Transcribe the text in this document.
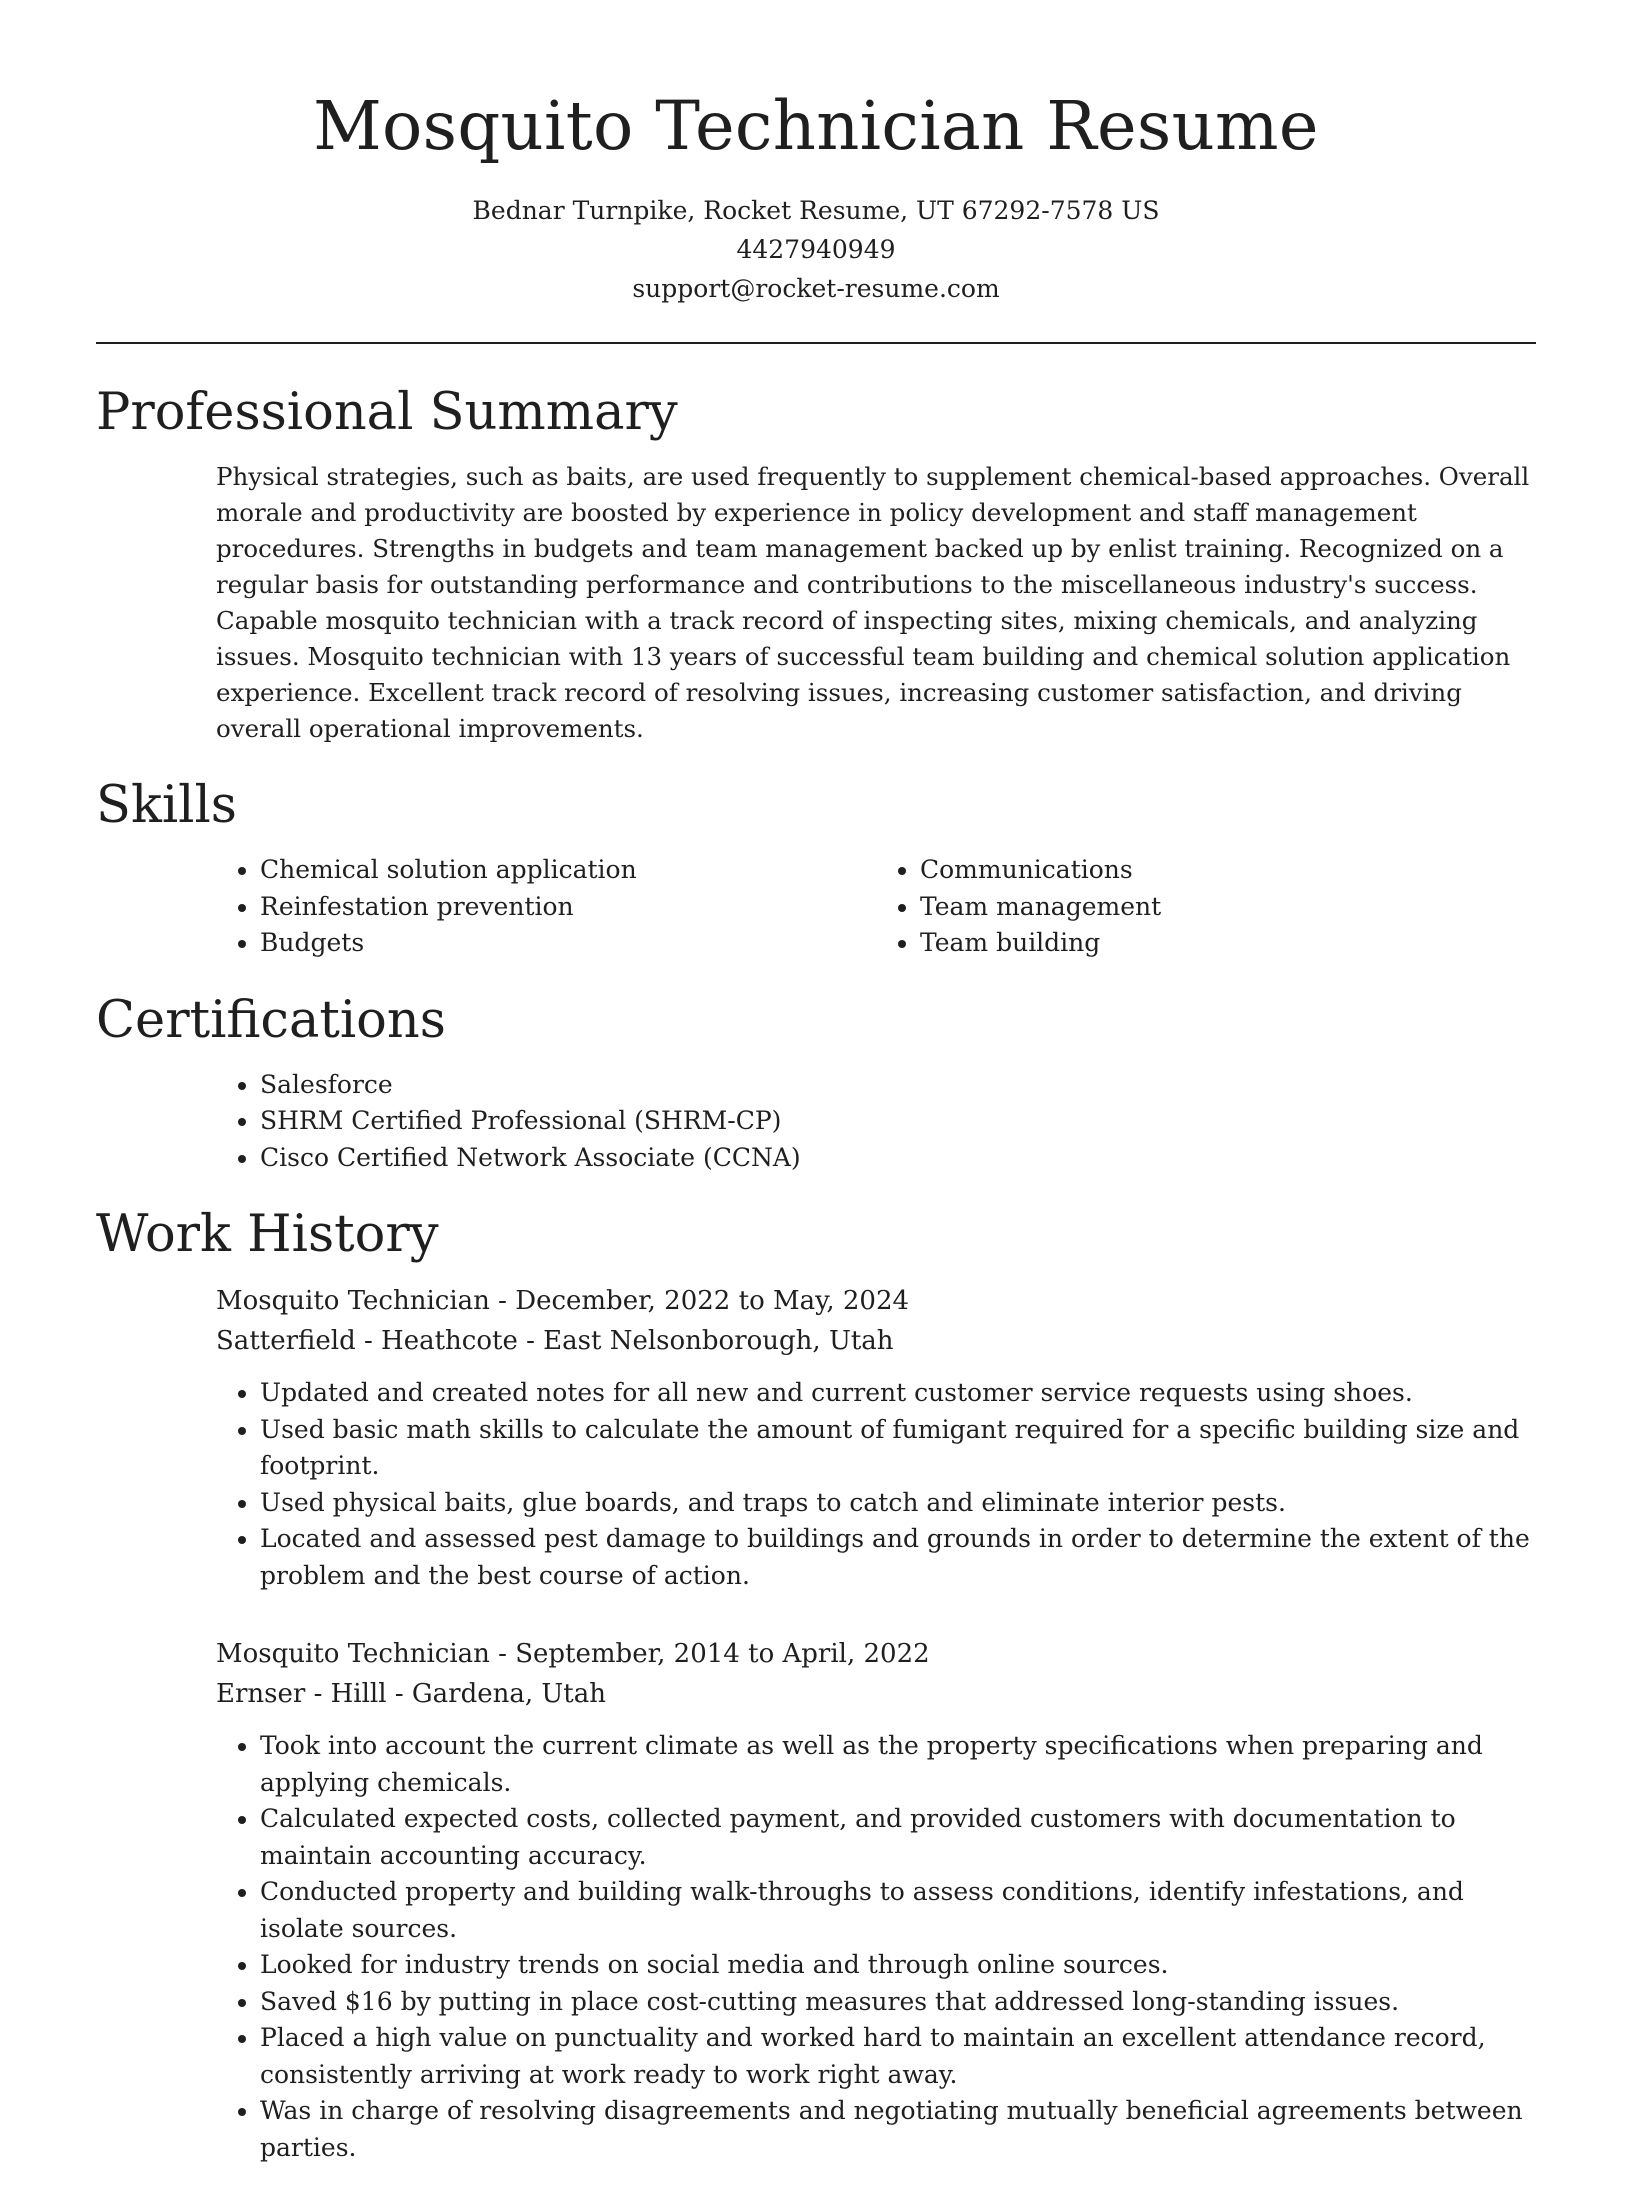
Mosquito Technician Resume
Bednar Turnpike, Rocket Resume, UT 67292-7578 US
4427940949
support@rocket-resume.com
Professional Summary
Physical strategies, such as baits, are used frequently to supplement chemical-based approaches. Overall morale and productivity are boosted by experience in policy development and staff management procedures. Strengths in budgets and team management backed up by enlist training. Recognized on a regular basis for outstanding performance and contributions to the miscellaneous industry's success. Capable mosquito technician with a track record of inspecting sites, mixing chemicals, and analyzing issues. Mosquito technician with 13 years of successful team building and chemical solution application experience. Excellent track record of resolving issues, increasing customer satisfaction, and driving overall operational improvements.
Skills
• Chemical solution application
• Reinfestation prevention
• Budgets
• Communications
• Team management
• Team building
Certifications
• Salesforce
• SHRM Certified Professional (SHRM-CP)
• Cisco Certified Network Associate (CCNA)
Work History
Mosquito Technician - December, 2022 to May, 2024
Satterfield - Heathcote - East Nelsonborough, Utah
• Updated and created notes for all new and current customer service requests using shoes.
• Used basic math skills to calculate the amount of fumigant required for a specific building size and footprint.
• Used physical baits, glue boards, and traps to catch and eliminate interior pests.
• Located and assessed pest damage to buildings and grounds in order to determine the extent of the problem and the best course of action.
Mosquito Technician - September, 2014 to April, 2022
Ernser - Hilll - Gardena, Utah
• Took into account the current climate as well as the property specifications when preparing and applying chemicals.
• Calculated expected costs, collected payment, and provided customers with documentation to maintain accounting accuracy.
• Conducted property and building walk-throughs to assess conditions, identify infestations, and isolate sources.
• Looked for industry trends on social media and through online sources.
• Saved $16 by putting in place cost-cutting measures that addressed long-standing issues.
• Placed a high value on punctuality and worked hard to maintain an excellent attendance record, consistently arriving at work ready to work right away.
• Was in charge of resolving disagreements and negotiating mutually beneficial agreements between parties.
